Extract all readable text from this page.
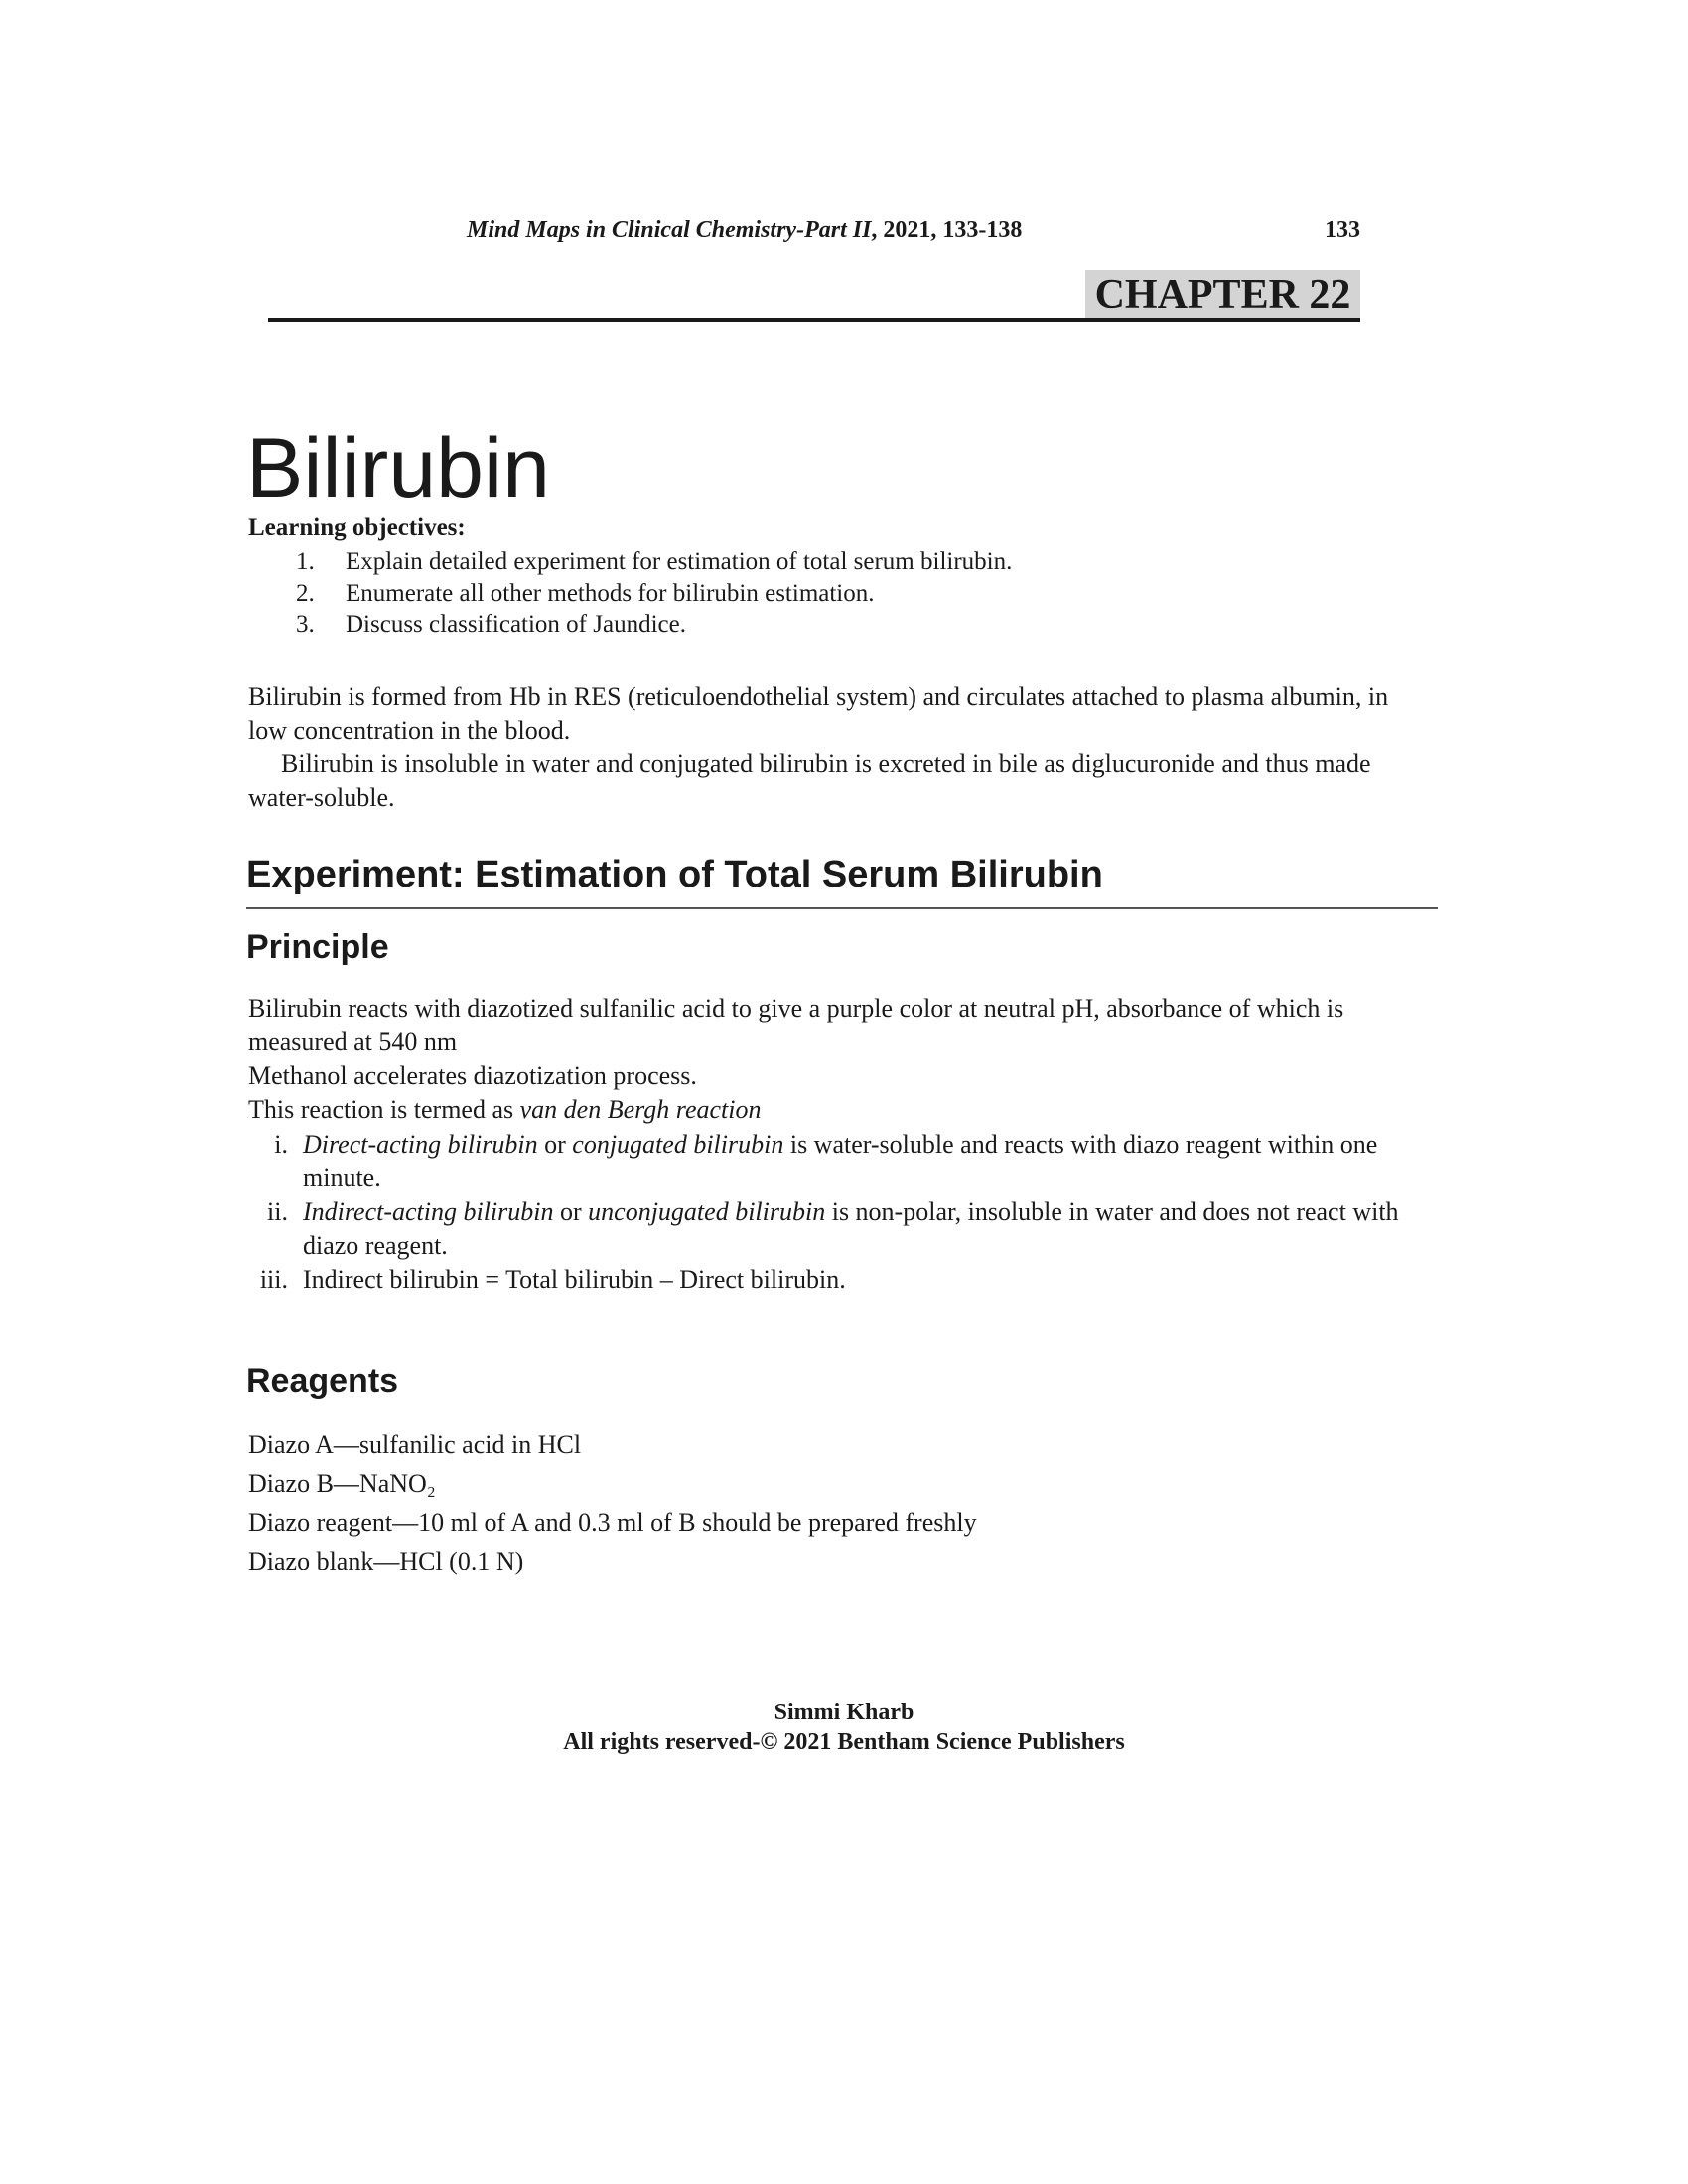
Mind Maps in Clinical Chemistry-Part II, 2021, 133-138	133
CHAPTER 22
Bilirubin
Learning objectives:
1. Explain detailed experiment for estimation of total serum bilirubin.
2. Enumerate all other methods for bilirubin estimation.
3. Discuss classification of Jaundice.

Bilirubin is formed from Hb in RES (reticuloendothelial system) and circulates attached to plasma albumin, in low concentration in the blood.

Bilirubin is insoluble in water and conjugated bilirubin is excreted in bile as diglucuronide and thus made water-soluble.

Experiment: Estimation of Total Serum Bilirubin
Principle
Bilirubin reacts with diazotized sulfanilic acid to give a purple color at neutral pH, absorbance of which is measured at 540 nm
Methanol accelerates diazotization process.
This reaction is termed as van den Bergh reaction
i. Direct-acting bilirubin or conjugated bilirubin is water-soluble and reacts with diazo reagent within one minute.
ii. Indirect-acting bilirubin or unconjugated bilirubin is non-polar, insoluble in water and does not react with diazo reagent.
iii. Indirect bilirubin = Total bilirubin – Direct bilirubin.
Reagents
Diazo A—sulfanilic acid in HCl
Diazo B—NaNO₂
Diazo reagent—10 ml of A and 0.3 ml of B should be prepared freshly
Diazo blank—HCl (0.1 N)
Simmi Kharb
All rights reserved-© 2021 Bentham Science Publishers
